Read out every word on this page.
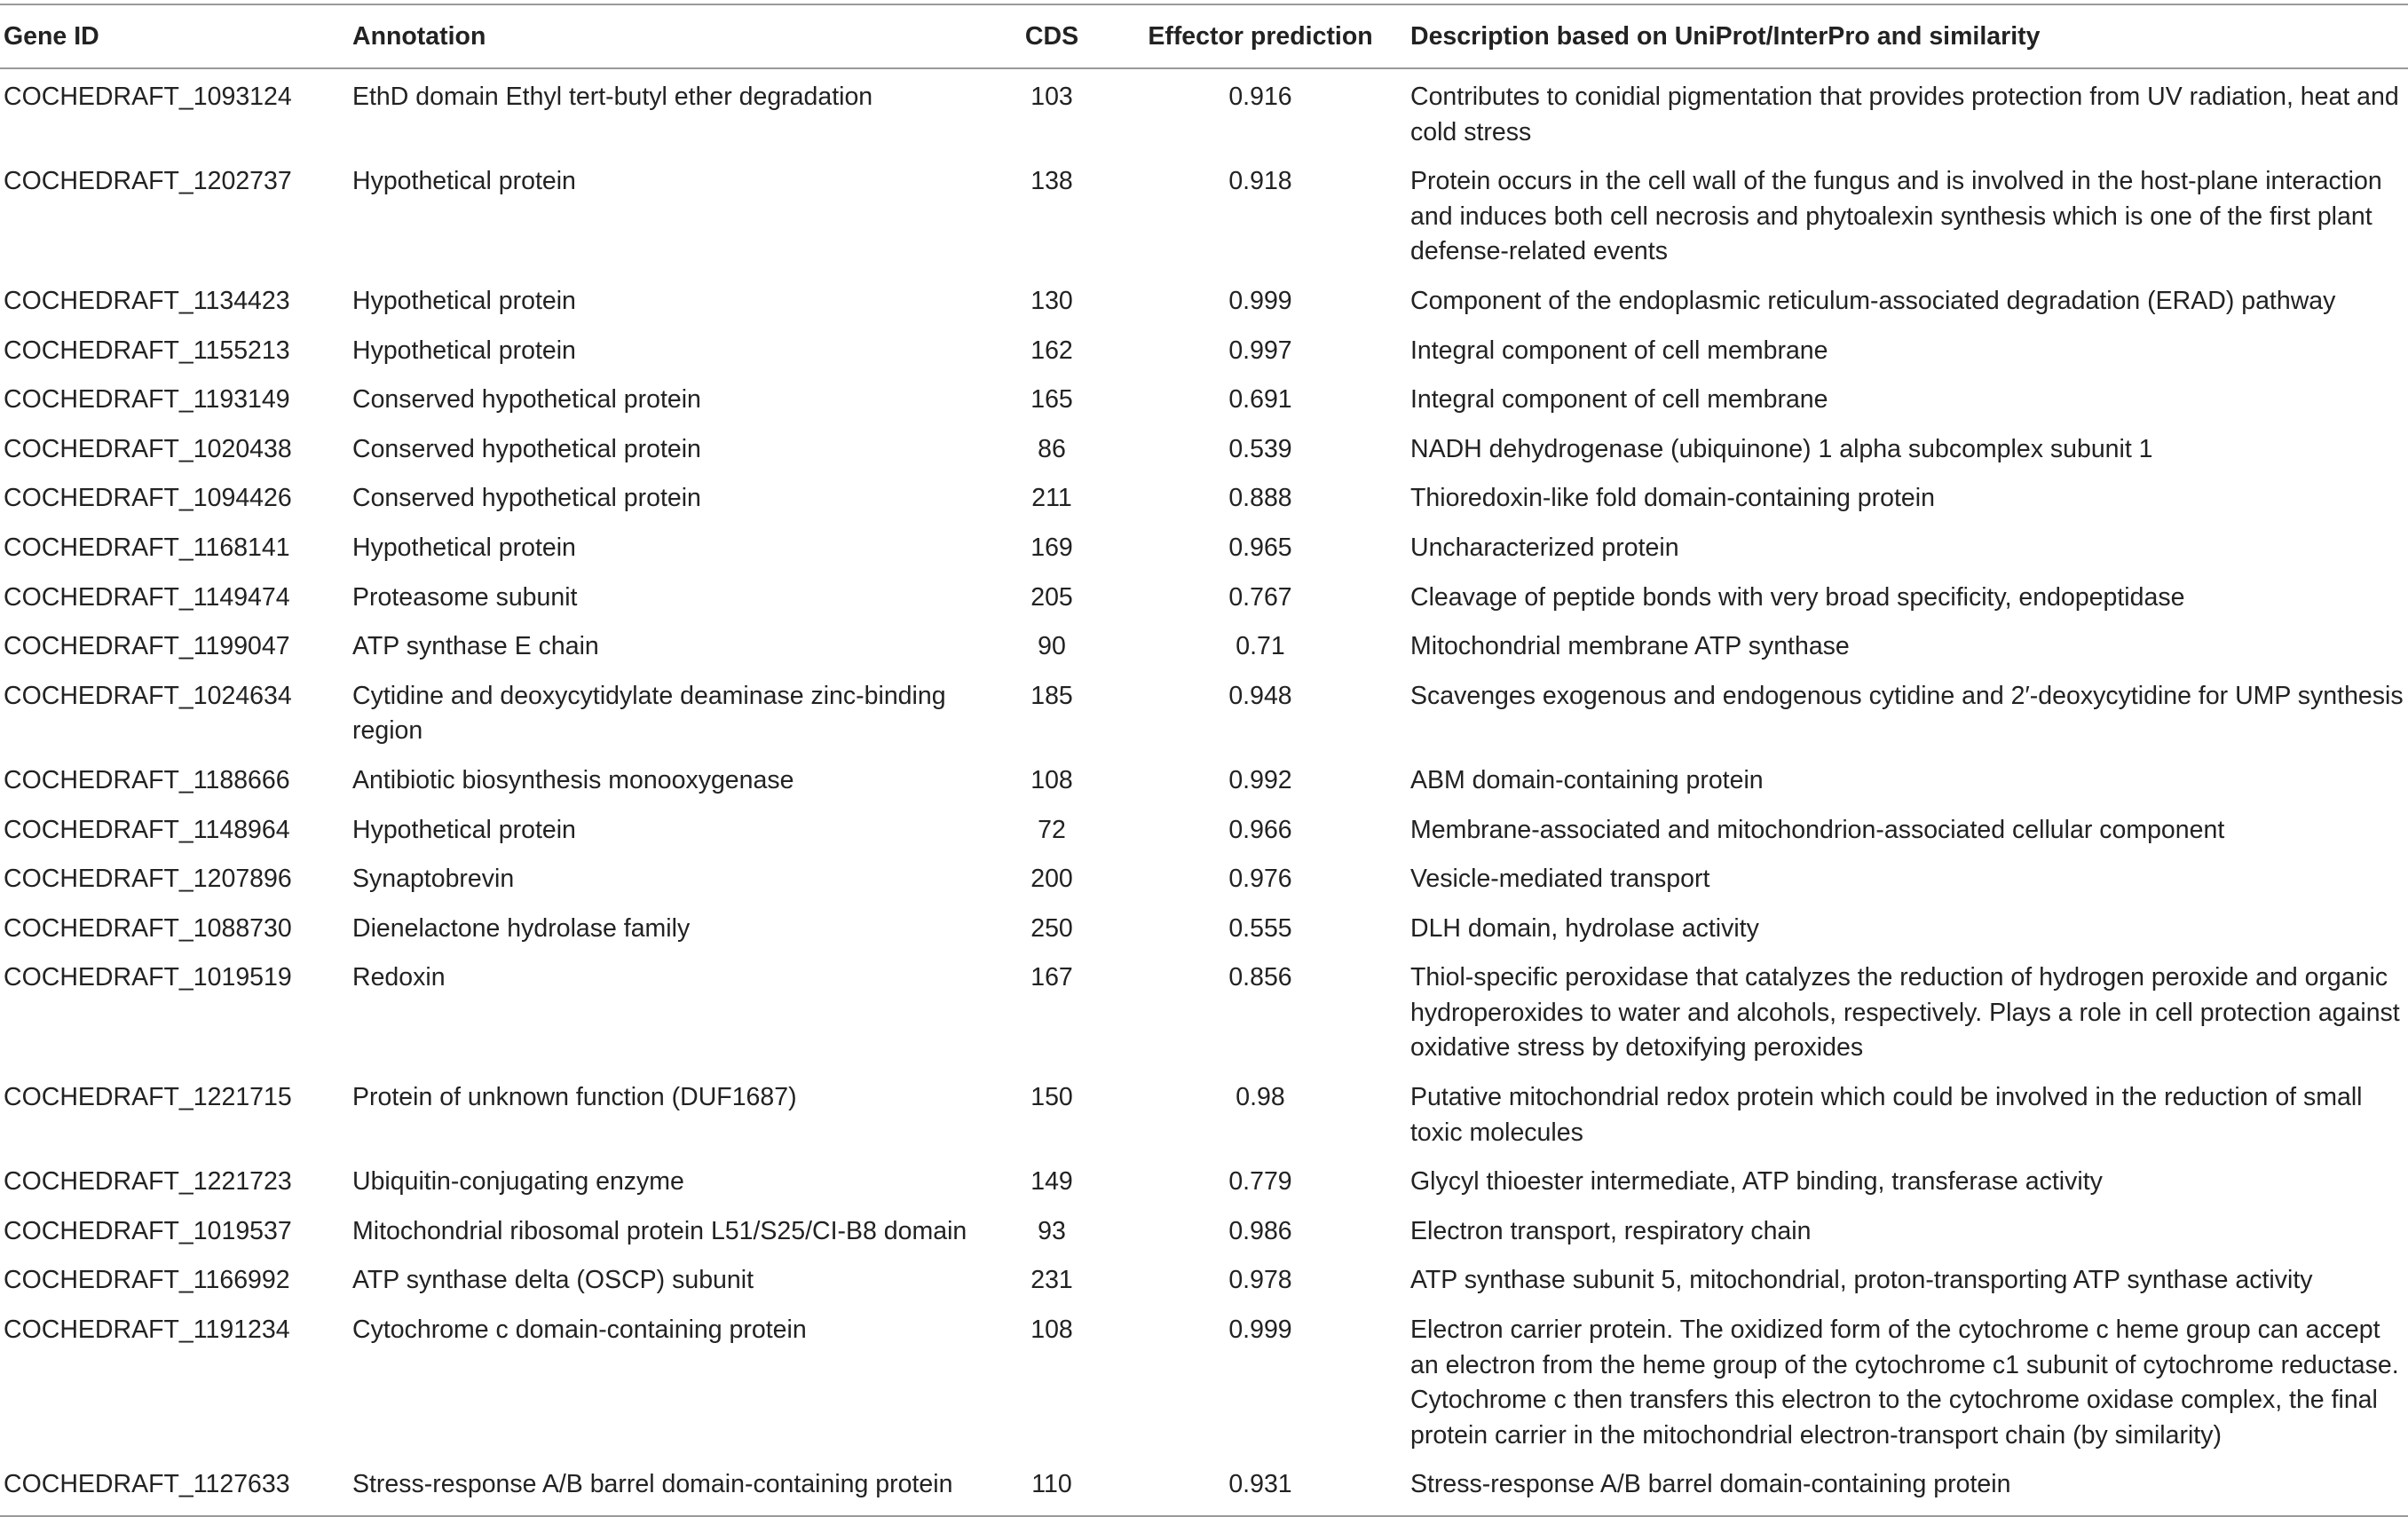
Gene ID	Annotation	CDS	Effector prediction	Description based on UniProt/InterPro and similarity
COCHEDRAFT_1093124	EthD domain Ethyl tert-butyl ether degradation	103	0.916	Contributes to conidial pigmentation that provides protection from UV radiation, heat and cold stress
COCHEDRAFT_1202737	Hypothetical protein	138	0.918	Protein occurs in the cell wall of the fungus and is involved in the host-plane interaction and induces both cell necrosis and phytoalexin synthesis which is one of the first plant defense-related events
COCHEDRAFT_1134423	Hypothetical protein	130	0.999	Component of the endoplasmic reticulum-associated degradation (ERAD) pathway
COCHEDRAFT_1155213	Hypothetical protein	162	0.997	Integral component of cell membrane
COCHEDRAFT_1193149	Conserved hypothetical protein	165	0.691	Integral component of cell membrane
COCHEDRAFT_1020438	Conserved hypothetical protein	86	0.539	NADH dehydrogenase (ubiquinone) 1 alpha subcomplex subunit 1
COCHEDRAFT_1094426	Conserved hypothetical protein	211	0.888	Thioredoxin-like fold domain-containing protein
COCHEDRAFT_1168141	Hypothetical protein	169	0.965	Uncharacterized protein
COCHEDRAFT_1149474	Proteasome subunit	205	0.767	Cleavage of peptide bonds with very broad specificity, endopeptidase
COCHEDRAFT_1199047	ATP synthase E chain	90	0.71	Mitochondrial membrane ATP synthase
COCHEDRAFT_1024634	Cytidine and deoxycytidylate deaminase zinc-binding region	185	0.948	Scavenges exogenous and endogenous cytidine and 2′-deoxycytidine for UMP synthesis
COCHEDRAFT_1188666	Antibiotic biosynthesis monooxygenase	108	0.992	ABM domain-containing protein
COCHEDRAFT_1148964	Hypothetical protein	72	0.966	Membrane-associated and mitochondrion-associated cellular component
COCHEDRAFT_1207896	Synaptobrevin	200	0.976	Vesicle-mediated transport
COCHEDRAFT_1088730	Dienelactone hydrolase family	250	0.555	DLH domain, hydrolase activity
COCHEDRAFT_1019519	Redoxin	167	0.856	Thiol-specific peroxidase that catalyzes the reduction of hydrogen peroxide and organic hydroperoxides to water and alcohols, respectively. Plays a role in cell protection against oxidative stress by detoxifying peroxides
COCHEDRAFT_1221715	Protein of unknown function (DUF1687)	150	0.98	Putative mitochondrial redox protein which could be involved in the reduction of small toxic molecules
COCHEDRAFT_1221723	Ubiquitin-conjugating enzyme	149	0.779	Glycyl thioester intermediate, ATP binding, transferase activity
COCHEDRAFT_1019537	Mitochondrial ribosomal protein L51/S25/CI-B8 domain	93	0.986	Electron transport, respiratory chain
COCHEDRAFT_1166992	ATP synthase delta (OSCP) subunit	231	0.978	ATP synthase subunit 5, mitochondrial, proton-transporting ATP synthase activity
COCHEDRAFT_1191234	Cytochrome c domain-containing protein	108	0.999	Electron carrier protein. The oxidized form of the cytochrome c heme group can accept an electron from the heme group of the cytochrome c1 subunit of cytochrome reductase. Cytochrome c then transfers this electron to the cytochrome oxidase complex, the final protein carrier in the mitochondrial electron-transport chain (by similarity)
COCHEDRAFT_1127633	Stress-response A/B barrel domain-containing protein	110	0.931	Stress-response A/B barrel domain-containing protein
